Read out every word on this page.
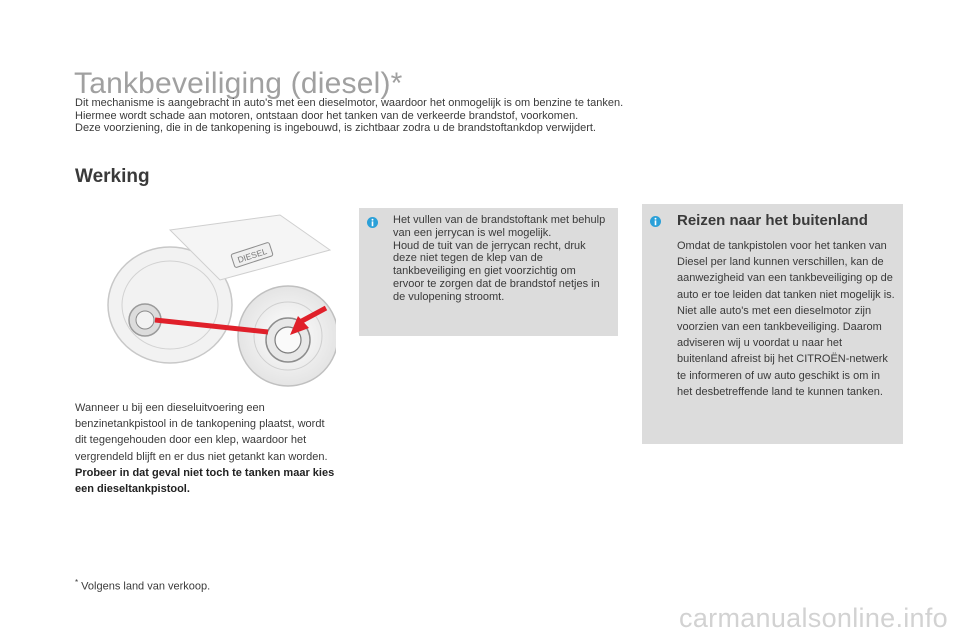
Tankbeveiliging (diesel)*

Dit mechanisme is aangebracht in auto's met een dieselmotor, waardoor het onmogelijk is om benzine te tanken. Hiermee wordt schade aan motoren, ontstaan door het tanken van de verkeerde brandstof, voorkomen.

Deze voorziening, die in de tankopening is ingebouwd, is zichtbaar zodra u de brandstoftankdop verwijdert.

Werking
DIESEL

Wanneer u bij een dieseluitvoering een benzinetankpistool in de tankopening plaatst, wordt dit tegengehouden door een klep, waardoor het vergrendeld blijft en er dus niet getankt kan worden.

Probeer in dat geval niet toch te tanken maar kies een dieseltankpistool.

Het vullen van de brandstoftank met behulp van een jerrycan is wel mogelijk.

Houd de tuit van de jerrycan recht, druk deze niet tegen de klep van de tankbeveiliging en giet voorzichtig om ervoor te zorgen dat de brandstof netjes in de vulopening stroomt.

Reizen naar het buitenland

Omdat de tankpistolen voor het tanken van Diesel per land kunnen verschillen, kan de aanwezigheid van een tankbeveiliging op de auto er toe leiden dat tanken niet mogelijk is.

Niet alle auto's met een dieselmotor zijn voorzien van een tankbeveiliging. Daarom adviseren wij u voordat u naar het buitenland afreist bij het CITROËN-netwerk te informeren of uw auto geschikt is om in het desbetreffende land te kunnen tanken.

* Volgens land van verkoop.
carmanualsonline.info
